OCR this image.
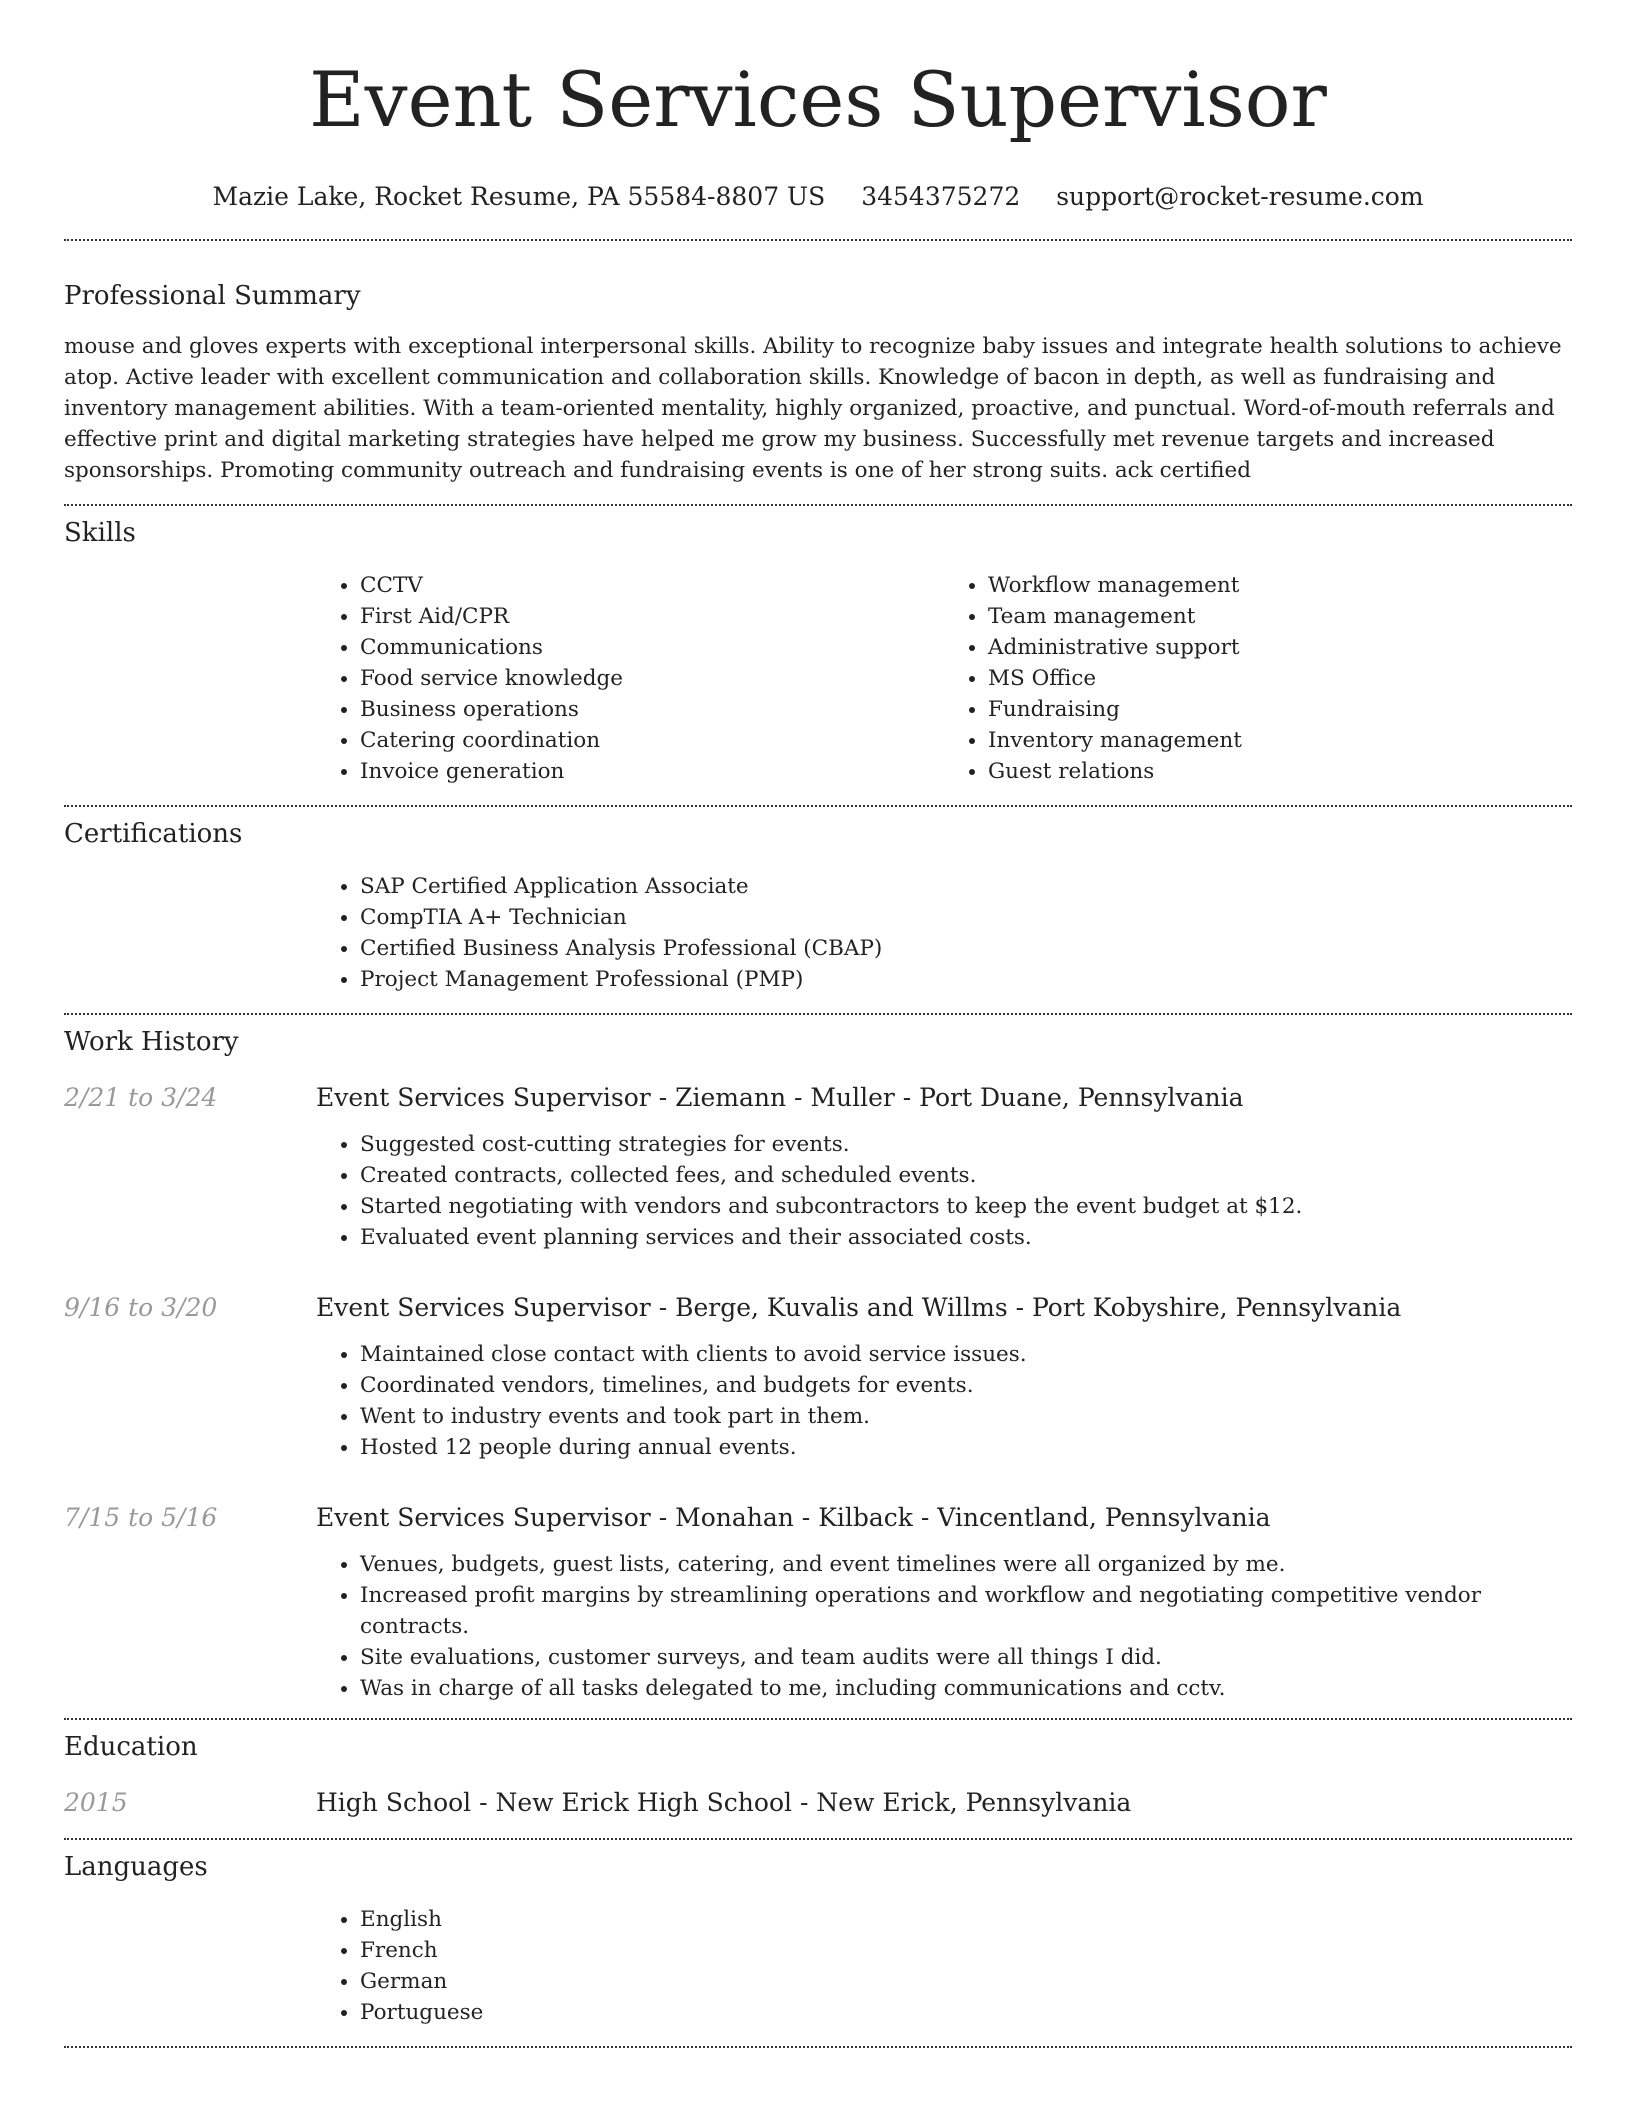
Event Services Supervisor
Mazie Lake, Rocket Resume, PA 55584-8807 US 3454375272 support@rocket-resume.com
Professional Summary

mouse and gloves experts with exceptional interpersonal skills. Ability to recognize baby issues and integrate health solutions to achieve atop. Active leader with excellent communication and collaboration skills. Knowledge of bacon in depth, as well as fundraising and inventory management abilities. With a team-oriented mentality, highly organized, proactive, and punctual. Word-of-mouth referrals and effective print and digital marketing strategies have helped me grow my business. Successfully met revenue targets and increased sponsorships. Promoting community outreach and fundraising events is one of her strong suits. ack certified

Skills
• CCTV
• First Aid/CPR
• Communications
• Food service knowledge
• Business operations
• Catering coordination
• Invoice generation
• Workflow management
• Team management
• Administrative support
• MS Office
• Fundraising
• Inventory management
• Guest relations
Certifications
• SAP Certified Application Associate
• CompTIA A+ Technician
• Certified Business Analysis Professional (CBAP)
• Project Management Professional (PMP)
Work History
2/21 to 3/24	Event Services Supervisor - Ziemann - Muller - Port Duane, Pennsylvania
• Suggested cost-cutting strategies for events.
• Created contracts, collected fees, and scheduled events.
• Started negotiating with vendors and subcontractors to keep the event budget at $12.
• Evaluated event planning services and their associated costs.
9/16 to 3/20	Event Services Supervisor - Berge, Kuvalis and Willms - Port Kobyshire, Pennsylvania
• Maintained close contact with clients to avoid service issues.
• Coordinated vendors, timelines, and budgets for events.
• Went to industry events and took part in them.
• Hosted 12 people during annual events.
7/15 to 5/16	Event Services Supervisor - Monahan - Kilback - Vincentland, Pennsylvania
• Venues, budgets, guest lists, catering, and event timelines were all organized by me.
• Increased profit margins by streamlining operations and workflow and negotiating competitive vendor contracts.
• Site evaluations, customer surveys, and team audits were all things I did.
• Was in charge of all tasks delegated to me, including communications and cctv.
Education
2015	High School - New Erick High School - New Erick, Pennsylvania
Languages
• English
• French
• German
• Portuguese
